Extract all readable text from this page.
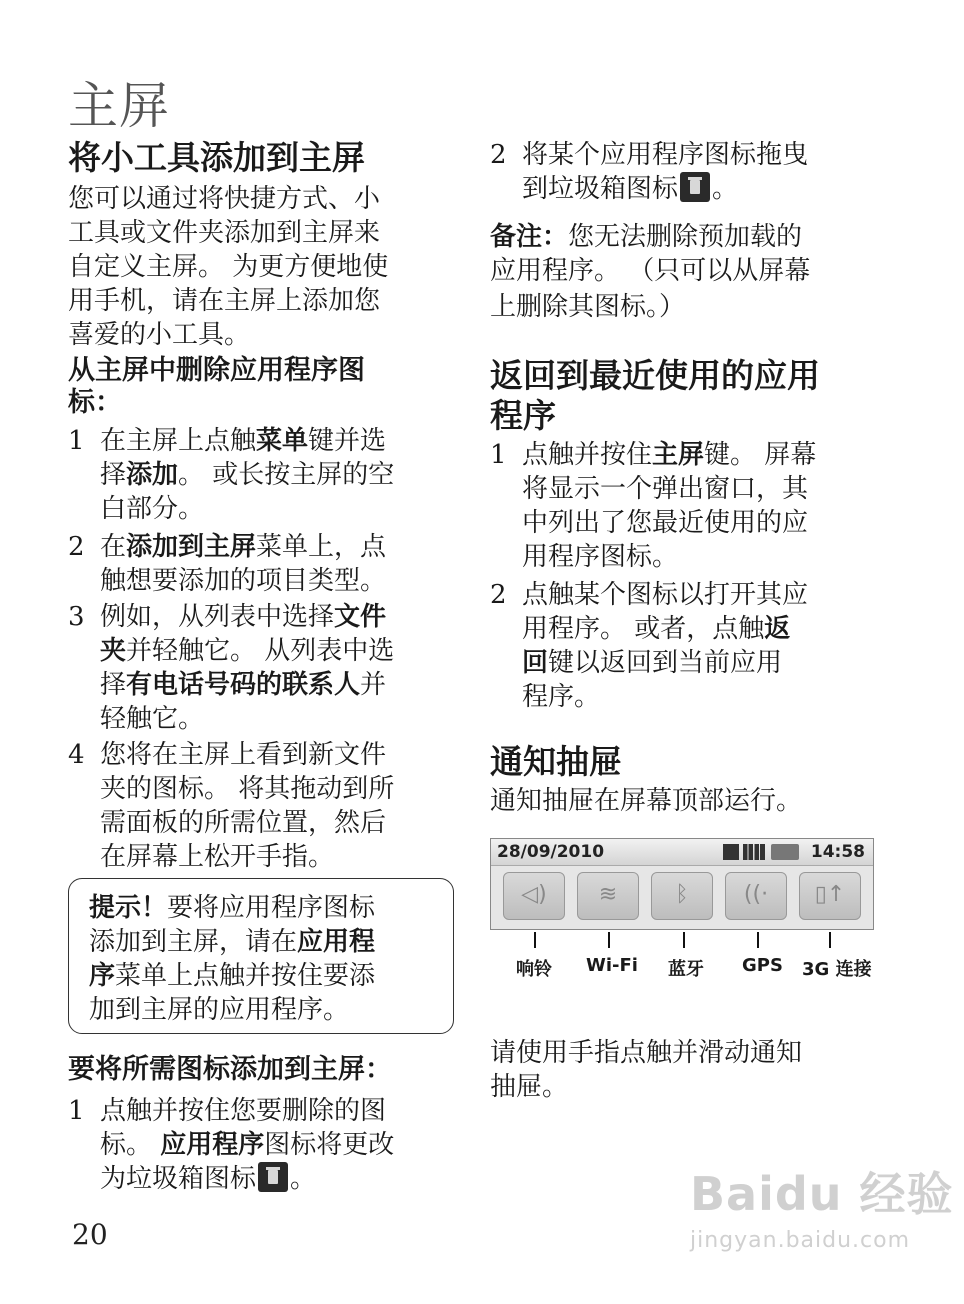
主屏
将小工具添加到主屏
您可以通过将快捷方式、小
工具或文件夹添加到主屏来
自定义主屏。 为更方便地使
用手机，请在主屏上添加您
喜爱的小工具。
从主屏中删除应用程序图
标：
1 在主屏上点触菜单键并选
择添加。 或长按主屏的空
白部分。
2 在添加到主屏菜单上，点
触想要添加的项目类型。
3 例如，从列表中选择文件
夹并轻触它。 从列表中选
择有电话号码的联系人并
轻触它。
4 您将在主屏上看到新文件
夹的图标。 将其拖动到所
需面板的所需位置，然后
在屏幕上松开手指。
提示！要将应用程序图标
添加到主屏，请在应用程
序菜单上点触并按住要添
加到主屏的应用程序。
要将所需图标添加到主屏：
1 点触并按住您要删除的图
标。 应用程序图标将更改
为垃圾箱图标 。
20
2 将某个应用程序图标拖曳
到垃圾箱图标 。
备注：您无法删除预加载的
应用程序。 （只可以从屏幕
上删除其图标。）
返回到最近使用的应用
程序
1 点触并按住主屏键。 屏幕
将显示一个弹出窗口，其
中列出了您最近使用的应
用程序图标。
2 点触某个图标以打开其应
用程序。 或者，点触返
回键以返回到当前应用
程序。
通知抽屉
通知抽屉在屏幕顶部运行。
28/09/2010	14:58
◁)	≋	ᛒ	((·	▯↑
响铃 Wi-Fi 蓝牙 GPS 3G 连接
请使用手指点触并滑动通知
抽屉。
Baidu 经验
jingyan.baidu.com
